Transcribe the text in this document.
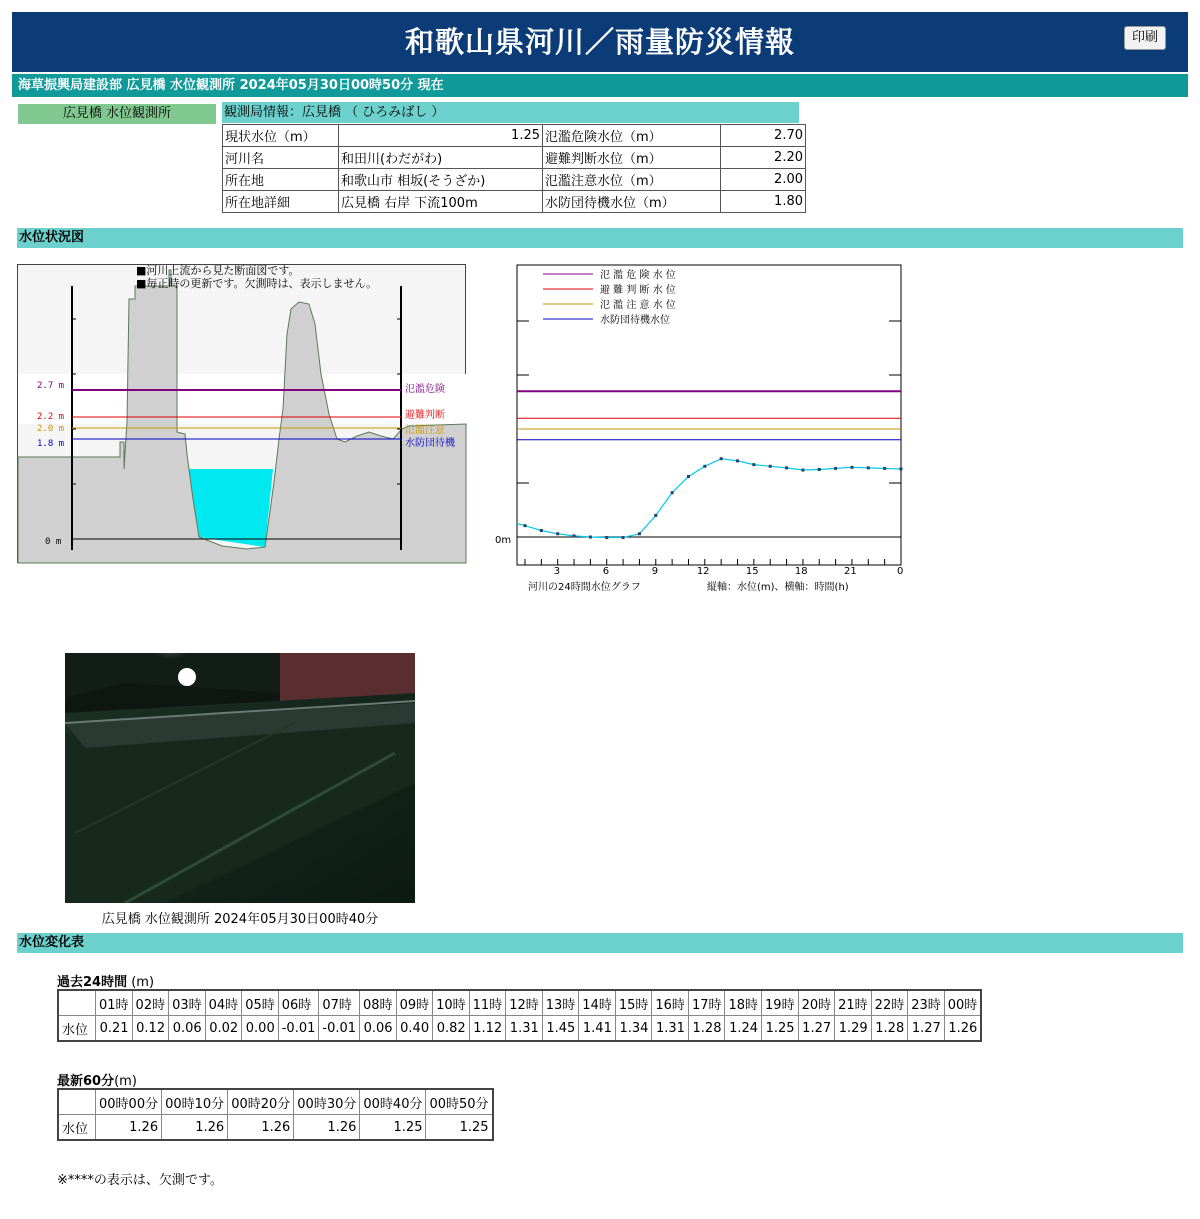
和歌山県河川／雨量防災情報	印刷
海草振興局建設部 広見橋 水位観測所 2024年05月30日00時50分 現在
広見橋 水位観測所	観測局情報：広見橋 （ ひろみばし ）
現状水位（m）	1.25	氾濫危険水位（m）	2.70
河川名	和田川(わだがわ)	避難判断水位（m）	2.20
所在地	和歌山市 相坂(そうざか)	氾濫注意水位（m）	2.00
所在地詳細	広見橋 右岸 下流100m	水防団待機水位（m）	1.80
水位状況図
2.7 m
2.2 m
2.0 m
1.8 m
0 m
氾濫危険
避難判断
氾濫注意
水防団待機
■河川上流から見た断面図です。
■毎正時の更新です。欠測時は、表示しません。
0m
氾 濫 危 険 水 位
避 難 判 断 水 位
氾 濫 注 意 水 位
水防団待機水位
3	6	9	12	15	18	21	0
河川の24時間水位グラフ	縦軸：水位(m)、横軸：時間(h)
広見橋 水位観測所 2024年05月30日00時40分
水位変化表
過去24時間 (m)
	01時	02時	03時	04時	05時	06時	07時	08時	09時	10時	11時	12時	13時	14時	15時	16時	17時	18時	19時	20時	21時	22時	23時	00時
水位	0.21	0.12	0.06	0.02	0.00	-0.01	-0.01	0.06	0.40	0.82	1.12	1.31	1.45	1.41	1.34	1.31	1.28	1.24	1.25	1.27	1.29	1.28	1.27	1.26
最新60分(m)
	00時00分	00時10分	00時20分	00時30分	00時40分	00時50分
水位	1.26	1.26	1.26	1.26	1.25	1.25
※****の表示は、欠測です。
